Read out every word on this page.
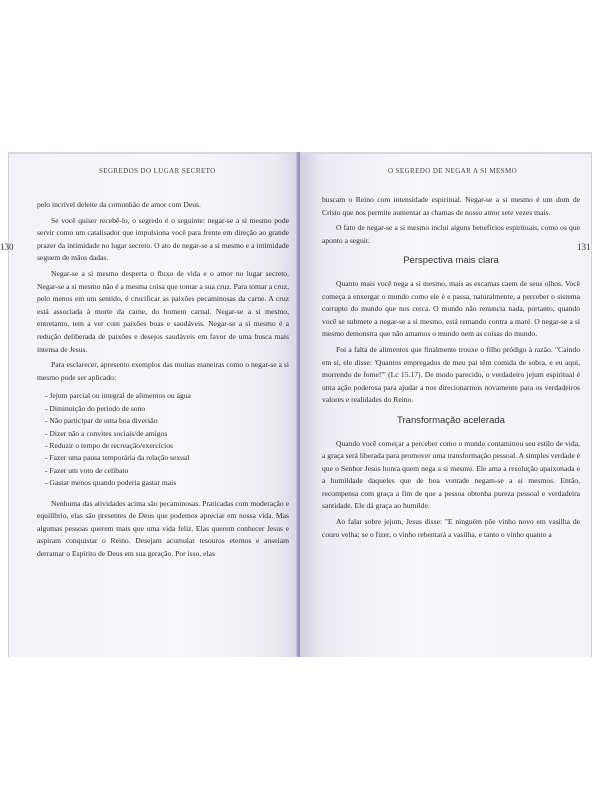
SEGREDOS DO LUGAR SECRETO

pelo incrível deleite da comunhão de amor com Deus.

Se você quiser recebê-lo, o segredo é o seguinte: negar-se a si mesmo pode servir como um catalisador que impulsiona você para frente em direção ao grande prazer da intimidade no lugar secreto. O ato de negar-se a si mesmo e a intimidade seguem de mãos dadas.

Negar-se a si mesmo desperta o fluxo de vida e o amor no lugar secreto. Negar-se a si mesmo não é a mesma coisa que tomar a sua cruz. Para tomar a cruz, pelo menos em um sentido, é crucificar as paixões pecaminosas da carne. A cruz está associada à morte da carne, do homem carnal. Negar-se a si mesmo, entretanto, tem a ver com paixões boas e saudáveis. Negar-se a si mesmo é a redução deliberada de paixões e desejos saudáveis em favor de uma busca mais intensa de Jesus.

Para esclarecer, apresento exemplos das muitas maneiras como o negar-se a si mesmo pode ser aplicado:

- Jejum parcial ou integral de alimentos ou água
- Diminuição do período de sono
- Não participar de uma boa diversão
- Dizer não a convites sociais/de amigos
- Reduzir o tempo de recreação/exercícios
- Fazer uma pausa temporária da relação sexual
- Fazer um voto de celibato
- Gastar menos quando poderia gastar mais

Nenhuma das atividades acima são pecaminosas. Praticadas com moderação e equilíbrio, elas são presentes de Deus que podemos apreciar em nossa vida. Mas algumas pessoas querem mais que uma vida feliz. Elas querem conhecer Jesus e aspiram conquistar o Reino. Desejam acumular tesouros eternos e anseiam derramar o Espírito de Deus em sua geração. Por isso, elas

O SEGREDO DE NEGAR A SI MESMO

buscam o Reino com intensidade espiritual. Negar-se a si mesmo é um dom de Cristo que nos permite aumentar as chamas de nosso amor sete vezes mais.

O fato de negar-se a si mesmo inclui alguns benefícios espirituais, como os que aponto a seguir.

Perspectiva mais clara

Quanto mais você nega a si mesmo, mais as escamas caem de seus olhos. Você começa a enxergar o mundo como ele é e passa, naturalmente, a perceber o sistema corrupto do mundo que nos cerca. O mundo não renuncia nada, portanto, quando você se submete a negar-se a si mesmo, está remando contra a maré. O negar-se a si mesmo demonstra que não amamos o mundo nem as coisas do mundo.

Foi a falta de alimentos que finalmente trouxe o filho pródigo à razão. "Caindo em si, ele disse: 'Quantos empregados de meu pai têm comida de sobra, e eu aqui, morrendo de fome!'" (Lc 15.17). De modo parecido, o verdadeiro jejum espiritual é uma ação poderosa para ajudar a nos direcionarmos novamente para os verdadeiros valores e realidades do Reino.

Transformação acelerada

Quando você começar a perceber como o mundo contaminou seu estilo de vida, a graça será liberada para promover uma transformação pessoal. A simples verdade é que o Senhor Jesus honra quem nega a si mesmo. Ele ama a resolução apaixonada e a humildade daqueles que de boa vontade negam-se a si mesmos. Então, recompensa com graça a fim de que a pessoa obtenha pureza pessoal e verdadeira santidade. Ele dá graça ao humilde.

Ao falar sobre jejum, Jesus disse: "E ninguém põe vinho novo em vasilha de couro velha; se o fizer, o vinho rebentará a vasilha, e tanto o vinho quanto a

130	131
